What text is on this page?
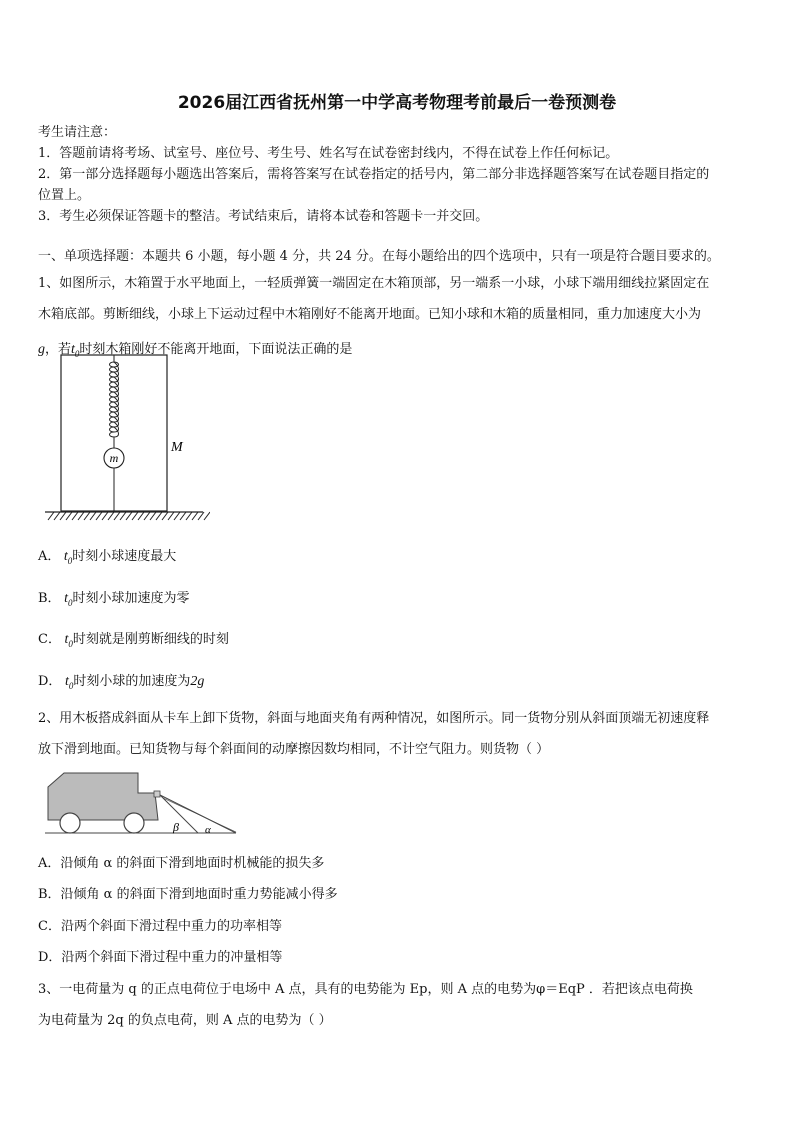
2026届江西省抚州第一中学高考物理考前最后一卷预测卷
考生请注意：
1．答题前请将考场、试室号、座位号、考生号、姓名写在试卷密封线内，不得在试卷上作任何标记。
2．第一部分选择题每小题选出答案后，需将答案写在试卷指定的括号内，第二部分非选择题答案写在试卷题目指定的
位置上。
3．考生必须保证答题卡的整洁。考试结束后，请将本试卷和答题卡一并交回。
一、单项选择题：本题共 6 小题，每小题 4 分，共 24 分。在每小题给出的四个选项中，只有一项是符合题目要求的。
1、如图所示，木箱置于水平地面上，一轻质弹簧一端固定在木箱顶部，另一端系一小球，小球下端用细线拉紧固定在
木箱底部。剪断细线，小球上下运动过程中木箱刚好不能离开地面。已知小球和木箱的质量相同，重力加速度大小为
g，若$t_0$时刻木箱刚好不能离开地面，下面说法正确的是
m
M
A． $t_0$时刻小球速度最大
B． $t_0$时刻小球加速度为零
C． $t_0$时刻就是刚剪断细线的时刻
D． $t_0$时刻小球的加速度为2g
2、用木板搭成斜面从卡车上卸下货物，斜面与地面夹角有两种情况，如图所示。同一货物分别从斜面顶端无初速度释
放下滑到地面。已知货物与每个斜面间的动摩擦因数均相同，不计空气阻力。则货物（ ）
β α
A．沿倾角 α 的斜面下滑到地面时机械能的损失多
B．沿倾角 α 的斜面下滑到地面时重力势能减小得多
C．沿两个斜面下滑过程中重力的功率相等
D．沿两个斜面下滑过程中重力的冲量相等
3、一电荷量为 q 的正点电荷位于电场中 A 点，具有的电势能为 Ep，则 A 点的电势为φ＝EqP ．若把该点电荷换
为电荷量为 2q 的负点电荷，则 A 点的电势为（ ）
